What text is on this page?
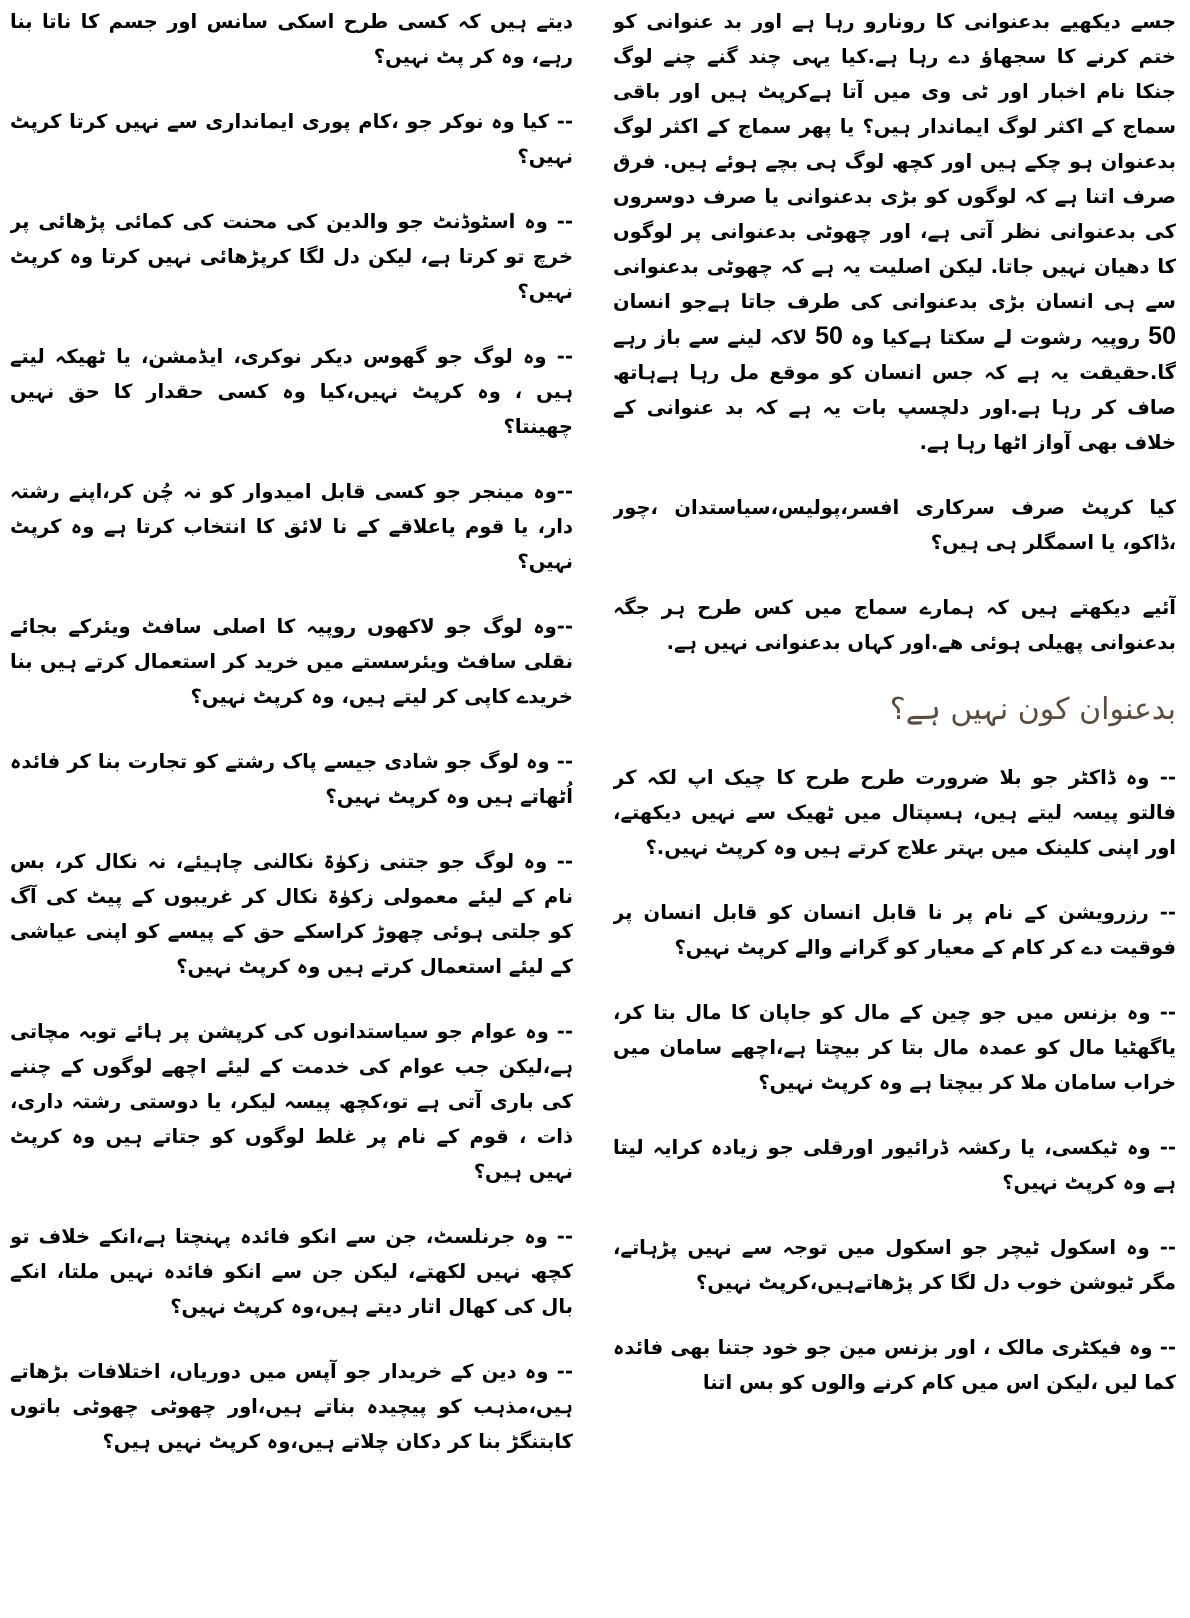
جسے دیکھیے بدعنوانی کا رونارو رہا ہے اور بد عنوانی کو ختم کرنے کا سجھاؤ دے رہا ہے.کیا یہی چند گنے چنے لوگ جنکا نام اخبار اور ٹی وی میں آتا ہےکرپٹ ہیں اور باقی سماج کے اکثر لوگ ایماندار ہیں؟ یا پھر سماج کے اکثر لوگ بدعنوان ہو چکے ہیں اور کچھ لوگ ہی بچے ہوئے ہیں. فرق صرف اتنا ہے کہ لوگوں کو بڑی بدعنوانی یا صرف دوسروں کی بدعنوانی نظر آتی ہے، اور چھوٹی بدعنوانی پر لوگوں کا دھیان نہیں جاتا. لیکن اصلیت یہ ہے کہ چھوٹی بدعنوانی سے ہی انسان بڑی بدعنوانی کی طرف جاتا ہےجو انسان 50 روپیہ رشوت لے سکتا ہےکیا وہ 50 لاکہ لینے سے باز رہے گا.حقیقت یہ ہے کہ جس انسان کو موقع مل رہا ہےہاتھ صاف کر رہا ہے.اور دلچسپ بات یہ ہے کہ بد عنوانی کے خلاف بھی آواز اٹھا رہا ہے.

کیا کرپٹ صرف سرکاری افسر،پولیس،سیاستدان ،چور ،ڈاکو، یا اسمگلر ہی ہیں؟

آئیے دیکھتے ہیں کہ ہمارے سماج میں کس طرح ہر جگہ بدعنوانی پھیلی ہوئی ھے.اور کہاں بدعنوانی نہیں ہے.

بدعنوان کون نہیں ہے؟

-- وہ ڈاکٹر جو بلا ضرورت طرح طرح کا چیک اپ لکہ کر فالتو پیسہ لیتے ہیں، ہسپتال میں ٹھیک سے نہیں دیکھتے، اور اپنی کلینک میں بہتر علاج کرتے ہیں وہ کرپٹ نہیں.؟

-- رزرویشن کے نام پر نا قابل انسان کو قابل انسان پر فوقیت دے کر کام کے معیار کو گرانے والے کرپٹ نہیں؟

-- وہ بزنس میں جو چین کے مال کو جاپان کا مال بتا کر، یاگھٹیا مال کو عمدہ مال بتا کر بیچتا ہے،اچھے سامان میں خراب سامان ملا کر بیچتا ہے وہ کرپٹ نہیں؟

-- وہ ٹیکسی، یا رکشہ ڈرائیور اورقلی جو زیادہ کرایہ لیتا ہے وہ کرپٹ نہیں؟

-- وہ اسکول ٹیچر جو اسکول میں توجہ سے نہیں پڑہاتے، مگر ٹیوشن خوب دل لگا کر پڑھاتےہیں،کرپٹ نہیں؟

-- وہ فیکٹری مالک ، اور بزنس مین جو خود جتنا بھی فائدہ کما لیں ،لیکن اس میں کام کرنے والوں کو بس اتنا

دیتے ہیں کہ کسی طرح اسکی سانس اور جسم کا ناتا بنا رہے، وہ کر پٹ نہیں؟

-- کیا وہ نوکر جو ،کام پوری ایمانداری سے نہیں کرتا کرپٹ نہیں؟

-- وہ اسٹوڈنٹ جو والدین کی محنت کی کمائی پڑھائی پر خرچ تو کرتا ہے، لیکن دل لگا کرپڑھائی نہیں کرتا وہ کرپٹ نہیں؟

-- وہ لوگ جو گھوس دیکر نوکری، ایڈمشن، یا ٹھیکہ لیتے ہیں ، وہ کرپٹ نہیں،کیا وہ کسی حقدار کا حق نہیں چھینتا؟

--وہ مینجر جو کسی قابل امیدوار کو نہ چُن کر،اپنے رشتہ دار، یا قوم یاعلاقے کے نا لائق کا انتخاب کرتا ہے وہ کرپٹ نہیں؟

--وہ لوگ جو لاکھوں روپیہ کا اصلی سافٹ ویئرکے بجائے نقلی سافٹ ویئرسستے میں خرید کر استعمال کرتے ہیں بنا خریدے کاپی کر لیتے ہیں، وہ کرپٹ نہیں؟

-- وہ لوگ جو شادی جیسے پاک رشتے کو تجارت بنا کر فائدہ اُٹھاتے ہیں وہ کرپٹ نہیں؟

-- وہ لوگ جو جتنی زکوٰۃ نکالنی چاہیئے، نہ نکال کر، بس نام کے لیئے معمولی زکوٰۃ نکال کر غریبوں کے پیٹ کی آگ کو جلتی ہوئی چھوڑ کراسکے حق کے پیسے کو اپنی عیاشی کے لیئے استعمال کرتے ہیں وہ کرپٹ نہیں؟

-- وہ عوام جو سیاستدانوں کی کرپشن پر ہائے توبہ مچاتی ہے،لیکن جب عوام کی خدمت کے لیئے اچھے لوگوں کے چننے کی باری آتی ہے تو،کچھ پیسہ لیکر، یا دوستی رشتہ داری، ذات ، قوم کے نام پر غلط لوگوں کو جتاتے ہیں وہ کرپٹ نہیں ہیں؟

-- وہ جرنلسٹ، جن سے انکو فائدہ پہنچتا ہے،انکے خلاف تو کچھ نہیں لکھتے، لیکن جن سے انکو فائدہ نہیں ملتا، انکے بال کی کھال اتار دیتے ہیں،وہ کرپٹ نہیں؟

-- وہ دین کے خریدار جو آپس میں دوریاں، اختلافات بڑھاتے ہیں،مذہب کو پیچیدہ بناتے ہیں،اور چھوٹی چھوٹی باتوں کابتنگڑ بنا کر دکان چلاتے ہیں،وہ کرپٹ نہیں ہیں؟
